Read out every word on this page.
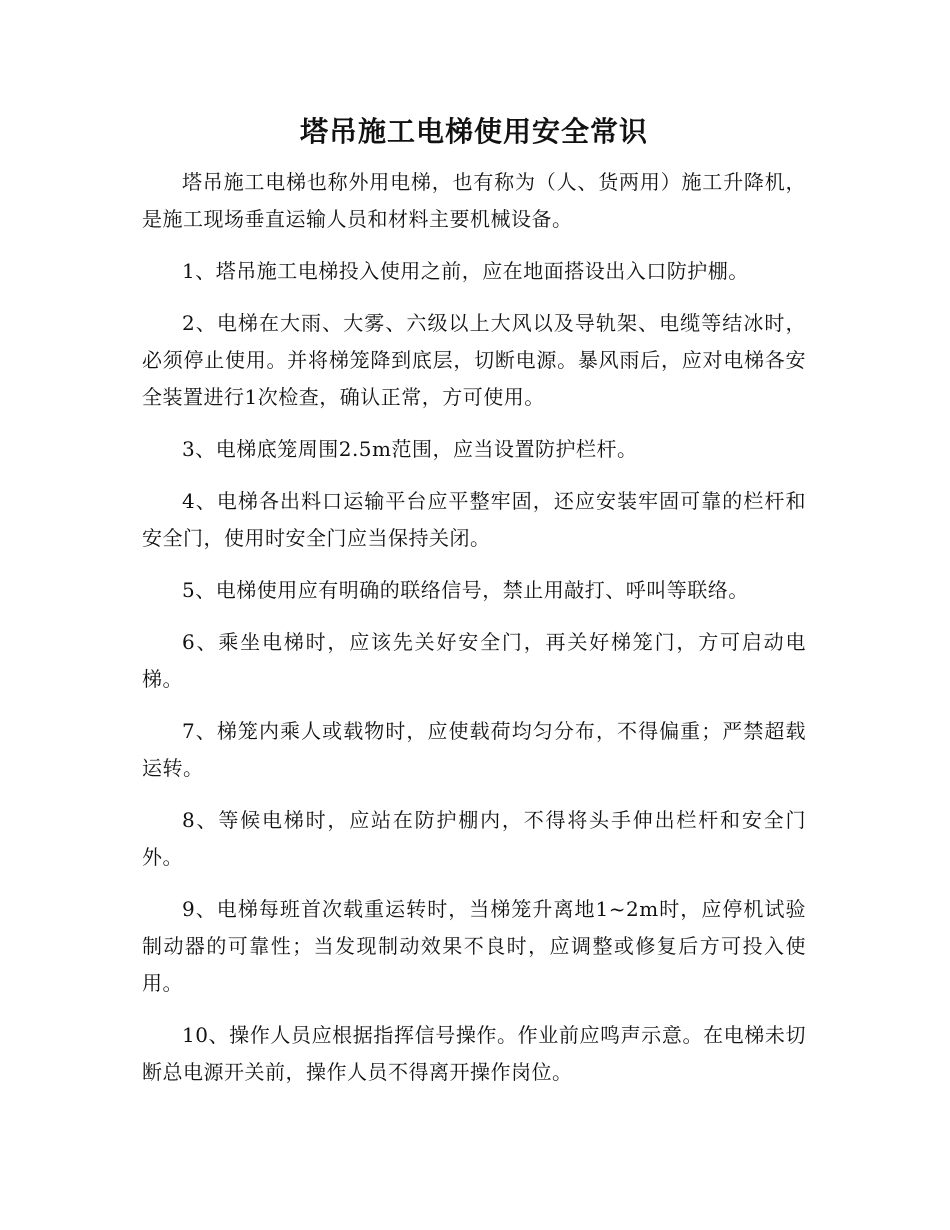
塔吊施工电梯使用安全常识

塔吊施工电梯也称外用电梯，也有称为（人、货两用）施工升降机，是施工现场垂直运输人员和材料主要机械设备。

1、塔吊施工电梯投入使用之前，应在地面搭设出入口防护棚。

2、电梯在大雨、大雾、六级以上大风以及导轨架、电缆等结冰时，必须停止使用。并将梯笼降到底层，切断电源。暴风雨后，应对电梯各安全装置进行1次检查，确认正常，方可使用。

3、电梯底笼周围2.5m范围，应当设置防护栏杆。

4、电梯各出料口运输平台应平整牢固，还应安装牢固可靠的栏杆和安全门，使用时安全门应当保持关闭。

5、电梯使用应有明确的联络信号，禁止用敲打、呼叫等联络。

6、乘坐电梯时，应该先关好安全门，再关好梯笼门，方可启动电梯。

7、梯笼内乘人或载物时，应使载荷均匀分布，不得偏重；严禁超载运转。

8、等候电梯时，应站在防护棚内，不得将头手伸出栏杆和安全门外。

9、电梯每班首次载重运转时，当梯笼升离地1~2m时，应停机试验制动器的可靠性；当发现制动效果不良时，应调整或修复后方可投入使用。

10、操作人员应根据指挥信号操作。作业前应鸣声示意。在电梯未切断总电源开关前，操作人员不得离开操作岗位。
